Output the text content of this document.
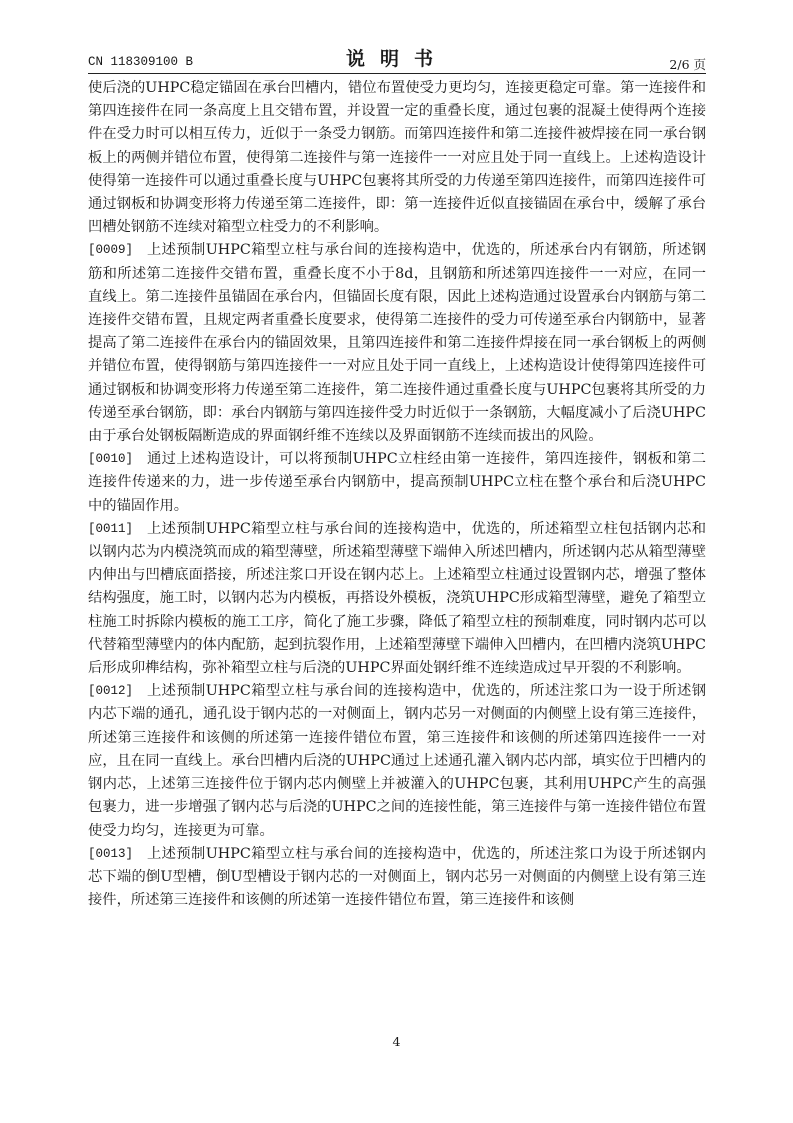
CN 118309100 B	说明书	2/6 页

使后浇的UHPC稳定锚固在承台凹槽内，错位布置使受力更均匀，连接更稳定可靠。第一连接件和第四连接件在同一条高度上且交错布置，并设置一定的重叠长度，通过包裹的混凝土使得两个连接件在受力时可以相互传力，近似于一条受力钢筋。而第四连接件和第二连接件被焊接在同一承台钢板上的两侧并错位布置，使得第二连接件与第一连接件一一对应且处于同一直线上。上述构造设计使得第一连接件可以通过重叠长度与UHPC包裹将其所受的力传递至第四连接件，而第四连接件可通过钢板和协调变形将力传递至第二连接件，即：第一连接件近似直接锚固在承台中，缓解了承台凹槽处钢筋不连续对箱型立柱受力的不利影响。

[0009] 上述预制UHPC箱型立柱与承台间的连接构造中，优选的，所述承台内有钢筋，所述钢筋和所述第二连接件交错布置，重叠长度不小于8d，且钢筋和所述第四连接件一一对应，在同一直线上。第二连接件虽锚固在承台内，但锚固长度有限，因此上述构造通过设置承台内钢筋与第二连接件交错布置，且规定两者重叠长度要求，使得第二连接件的受力可传递至承台内钢筋中，显著提高了第二连接件在承台内的锚固效果，且第四连接件和第二连接件焊接在同一承台钢板上的两侧并错位布置，使得钢筋与第四连接件一一对应且处于同一直线上，上述构造设计使得第四连接件可通过钢板和协调变形将力传递至第二连接件，第二连接件通过重叠长度与UHPC包裹将其所受的力传递至承台钢筋，即：承台内钢筋与第四连接件受力时近似于一条钢筋，大幅度减小了后浇UHPC由于承台处钢板隔断造成的界面钢纤维不连续以及界面钢筋不连续而拔出的风险。

[0010] 通过上述构造设计，可以将预制UHPC立柱经由第一连接件，第四连接件，钢板和第二连接件传递来的力，进一步传递至承台内钢筋中，提高预制UHPC立柱在整个承台和后浇UHPC中的锚固作用。

[0011] 上述预制UHPC箱型立柱与承台间的连接构造中，优选的，所述箱型立柱包括钢内芯和以钢内芯为内模浇筑而成的箱型薄壁，所述箱型薄壁下端伸入所述凹槽内，所述钢内芯从箱型薄壁内伸出与凹槽底面搭接，所述注浆口开设在钢内芯上。上述箱型立柱通过设置钢内芯，增强了整体结构强度，施工时，以钢内芯为内模板，再搭设外模板，浇筑UHPC形成箱型薄壁，避免了箱型立柱施工时拆除内模板的施工工序，简化了施工步骤，降低了箱型立柱的预制难度，同时钢内芯可以代替箱型薄壁内的体内配筋，起到抗裂作用，上述箱型薄壁下端伸入凹槽内，在凹槽内浇筑UHPC后形成卯榫结构，弥补箱型立柱与后浇的UHPC界面处钢纤维不连续造成过早开裂的不利影响。

[0012] 上述预制UHPC箱型立柱与承台间的连接构造中，优选的，所述注浆口为一设于所述钢内芯下端的通孔，通孔设于钢内芯的一对侧面上，钢内芯另一对侧面的内侧壁上设有第三连接件，所述第三连接件和该侧的所述第一连接件错位布置，第三连接件和该侧的所述第四连接件一一对应，且在同一直线上。承台凹槽内后浇的UHPC通过上述通孔灌入钢内芯内部，填实位于凹槽内的钢内芯，上述第三连接件位于钢内芯内侧壁上并被灌入的UHPC包裹，其利用UHPC产生的高强包裹力，进一步增强了钢内芯与后浇的UHPC之间的连接性能，第三连接件与第一连接件错位布置使受力均匀，连接更为可靠。

[0013] 上述预制UHPC箱型立柱与承台间的连接构造中，优选的，所述注浆口为设于所述钢内芯下端的倒U型槽，倒U型槽设于钢内芯的一对侧面上，钢内芯另一对侧面的内侧壁上设有第三连接件，所述第三连接件和该侧的所述第一连接件错位布置，第三连接件和该侧

4
